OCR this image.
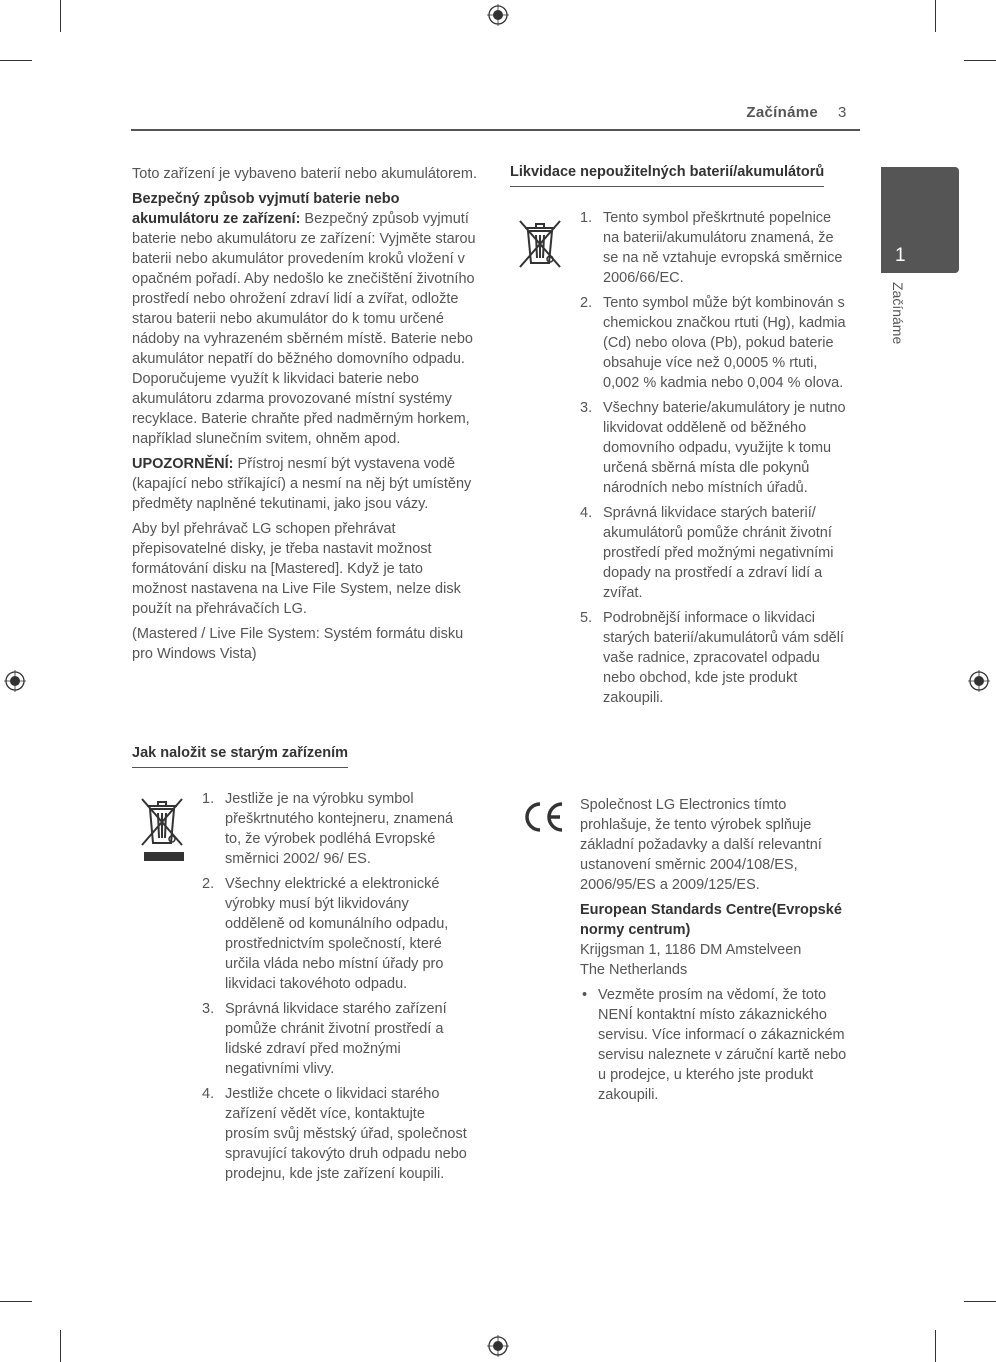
Začínáme 3
1
Začínáme

Toto zařízení je vybaveno baterií nebo akumulátorem.

Bezpečný způsob vyjmutí baterie nebo akumulátoru ze zařízení: Bezpečný způsob vyjmutí baterie nebo akumulátoru ze zařízení: Vyjměte starou baterii nebo akumulátor provedením kroků vložení v opačném pořadí. Aby nedošlo ke znečištění životního prostředí nebo ohrožení zdraví lidí a zvířat, odložte starou baterii nebo akumulátor do k tomu určené nádoby na vyhrazeném sběrném místě. Baterie nebo akumulátor nepatří do běžného domovního odpadu. Doporučujeme využít k likvidaci baterie nebo akumulátoru zdarma provozované místní systémy recyklace. Baterie chraňte před nadměrným horkem, například slunečním svitem, ohněm apod.

UPOZORNĚNÍ: Přístroj nesmí být vystavena vodě (kapající nebo stříkající) a nesmí na něj být umístěny předměty naplněné tekutinami, jako jsou vázy.

Aby byl přehrávač LG schopen přehrávat přepisovatelné disky, je třeba nastavit možnost formátování disku na [Mastered]. Když je tato možnost nastavena na Live File System, nelze disk použít na přehrávačích LG.

(Mastered / Live File System: Systém formátu disku pro Windows Vista)

Jak naložit se starým zařízením
1. Jestliže je na výrobku symbol přeškrtnutého kontejneru, znamená to, že výrobek podléhá Evropské směrnici 2002/ 96/ ES.
2. Všechny elektrické a elektronické výrobky musí být likvidovány odděleně od komunálního odpadu, prostřednictvím společností, které určila vláda nebo místní úřady pro likvidaci takovéhoto odpadu.
3. Správná likvidace starého zařízení pomůže chránit životní prostředí a lidské zdraví před možnými negativními vlivy.
4. Jestliže chcete o likvidaci starého zařízení vědět více, kontaktujte prosím svůj městský úřad, společnost spravující takovýto druh odpadu nebo prodejnu, kde jste zařízení koupili.
Likvidace nepoužitelných baterií/akumulátorů
1. Tento symbol přeškrtnuté popelnice na baterii/akumulátoru znamená, že se na ně vztahuje evropská směrnice 2006/66/EC.
2. Tento symbol může být kombinován s chemickou značkou rtuti (Hg), kadmia (Cd) nebo olova (Pb), pokud baterie obsahuje více než 0,0005 % rtuti, 0,002 % kadmia nebo 0,004 % olova.
3. Všechny baterie/akumulátory je nutno likvidovat odděleně od běžného domovního odpadu, využijte k tomu určená sběrná místa dle pokynů národních nebo místních úřadů.
4. Správná likvidace starých baterií/ akumulátorů pomůže chránit životní prostředí před možnými negativními dopady na prostředí a zdraví lidí a zvířat.
5. Podrobnější informace o likvidaci starých baterií/akumulátorů vám sdělí vaše radnice, zpracovatel odpadu nebo obchod, kde jste produkt zakoupili.

Společnost LG Electronics tímto prohlašuje, že tento výrobek splňuje základní požadavky a další relevantní ustanovení směrnic 2004/108/ES, 2006/95/ES a 2009/125/ES.

European Standards Centre(Evropské normy centrum)
Krijgsman 1, 1186 DM Amstelveen
The Netherlands

• Vezměte prosím na vědomí, že toto NENÍ kontaktní místo zákaznického servisu. Více informací o zákaznickém servisu naleznete v záruční kartě nebo u prodejce, u kterého jste produkt zakoupili.
